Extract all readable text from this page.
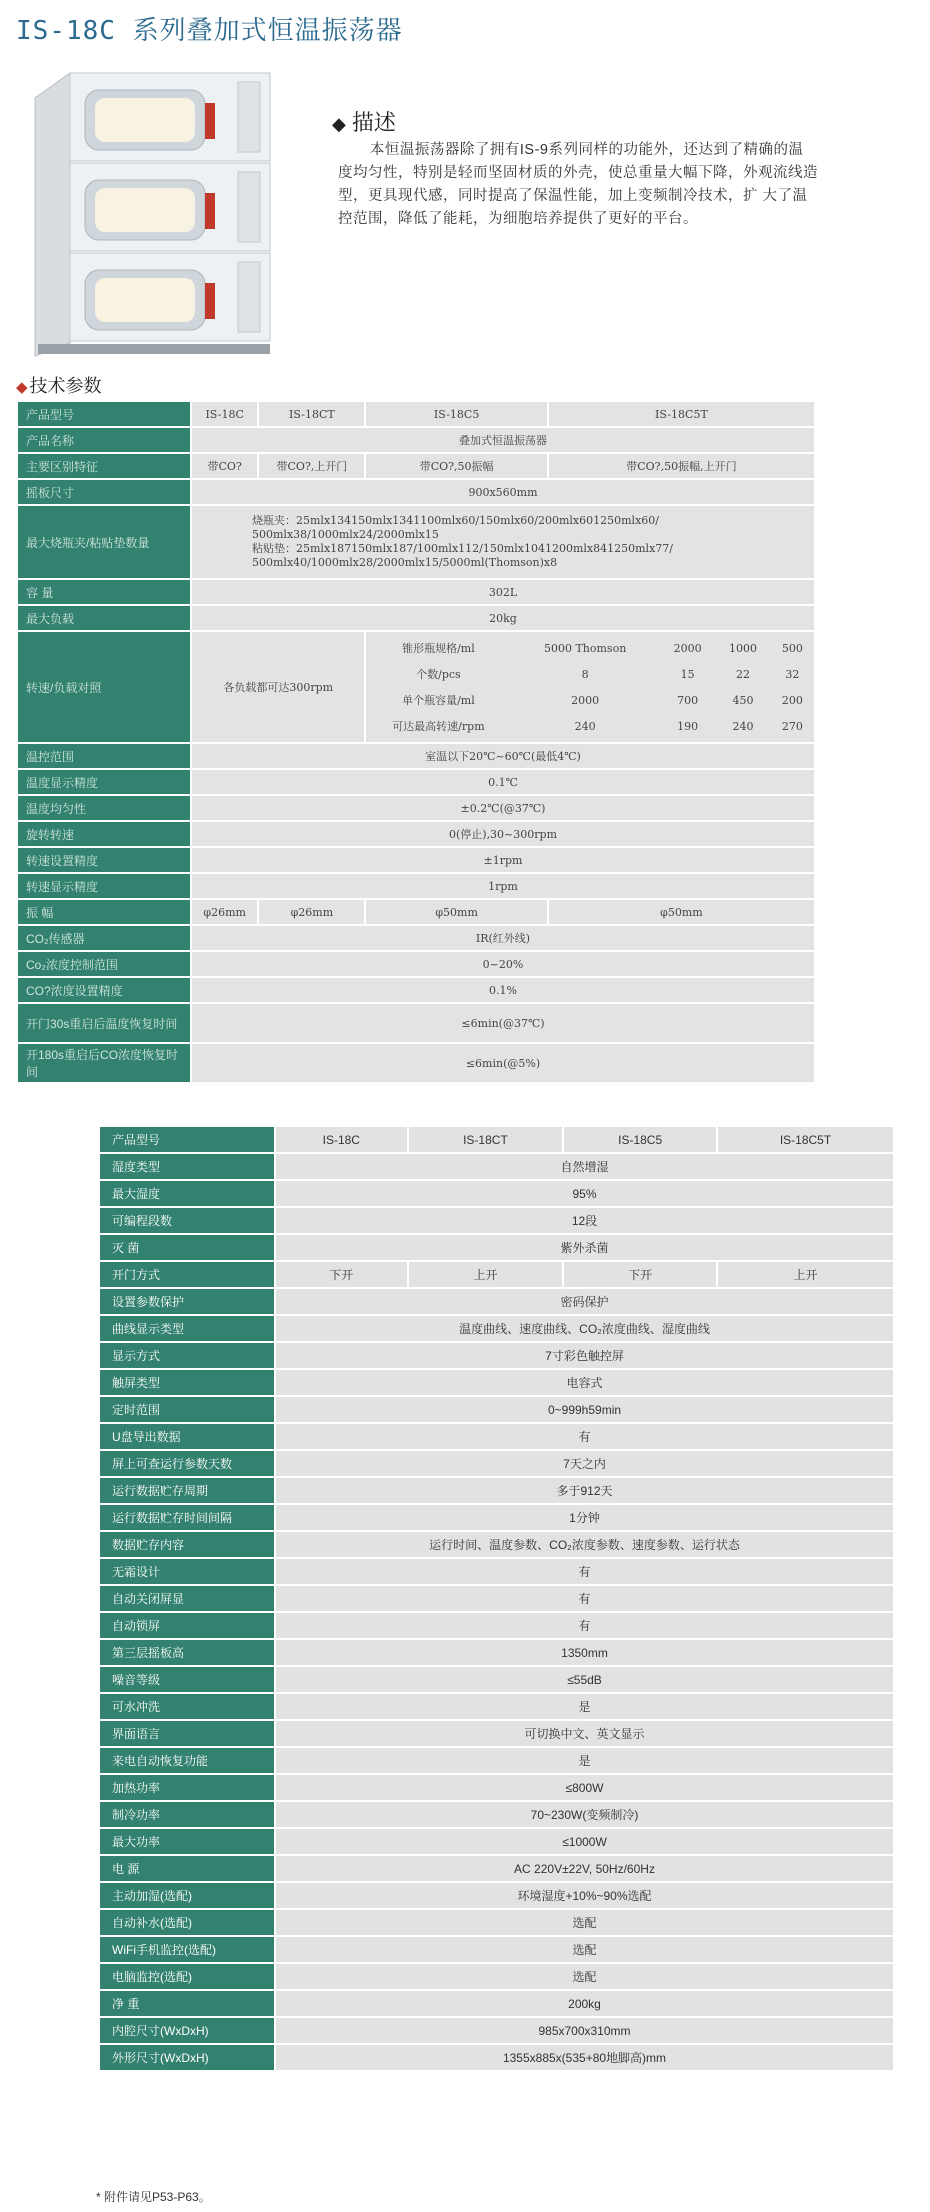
IS-18C 系列叠加式恒温振荡器
◆ 描述
本恒温振荡器除了拥有IS-9系列同样的功能外，还达到了精确的温度均匀性，特别是轻而坚固材质的外壳，使总重量大幅下降，外观流线造型，更具现代感，同时提高了保温性能，加上变频制冷技术，扩 大了温控范围，降低了能耗，为细胞培养提供了更好的平台。
◆ 技术参数
产品型号	IS-18C	IS-18CT	IS-18C5	IS-18C5T
产品名称	叠加式恒温振荡器
主要区别特征	带CO?	带CO?,上开门	带CO?,50振幅	带CO?,50振幅,上开门
摇板尺寸	900x560mm
最大烧瓶夹/粘贴垫数量	
烧瓶夹：25mlx134150mlx1341100mlx60/150mlx60/200mlx601250mlx60/
500mlx38/1000mlx24/2000mlx15
粘贴垫：25mlx187150mlx187/100mlx112/150mlx1041200mlx841250mlx77/
500mlx40/1000mlx28/2000mlx15/5000ml(Thomson)x8

容 量	302L
最大负载	20kg
转速/负载对照	各负载都可达300rpm	
锥形瓶规格/ml	5000 Thomson	2000	1000	500
个数/pcs	8	15	22	32
单个瓶容量/ml	2000	700	450	200
可达最高转速/rpm	240	190	240	270

温控范围	室温以下20℃~60℃(最低4℃)
温度显示精度	0.1℃
温度均匀性	±0.2℃(@37℃)
旋转转速	0(停止),30~300rpm
转速设置精度	±1rpm
转速显示精度	1rpm
振 幅	φ26mm	φ26mm	φ50mm	φ50mm
CO₂传感器	IR(红外线)
Co₂浓度控制范围	0~20%
CO?浓度设置精度	0.1%
开门30s重启后温度恢复时间	≤6min(@37℃)
开180s重启后CO浓度恢复时间	≤6min(@5%)
产品型号	IS-18C	IS-18CT	IS-18C5	IS-18C5T
湿度类型	自然增湿			
最大湿度	95%			
可编程段数	12段			
灭 菌	紫外杀菌			
开门方式	下开	上开	下开	上开
设置参数保护	密码保护			
曲线显示类型	温度曲线、速度曲线、CO₂浓度曲线、湿度曲线			
显示方式	7寸彩色触控屏			
触屏类型	电容式			
定时范围	0~999h59min			
U盘导出数据	有			
屏上可查运行参数天数	7天之内			
运行数据贮存周期	多于912天			
运行数据贮存时间间隔	1分钟			
数据贮存内容	运行时间、温度参数、CO₂浓度参数、速度参数、运行状态			
无霜设计	有			
自动关闭屏显	有			
自动锁屏	有			
第三层摇板高	1350mm			
噪音等级	≤55dB			
可水冲洗	是			
界面语言	可切换中文、英文显示			
来电自动恢复功能	是			
加热功率	≤800W			
制冷功率	70~230W(变频制冷)			
最大功率	≤1000W			
电 源	AC 220V±22V, 50Hz/60Hz			
主动加湿(选配)	环境湿度+10%~90%选配			
自动补水(选配)	选配			
WiFi手机监控(选配)	选配			
电脑监控(选配)	选配			
净 重	200kg			
内腔尺寸(WxDxH)	985x700x310mm			
外形尺寸(WxDxH)	1355x885x(535+80地脚高)mm			
* 附件请见P53-P63。
